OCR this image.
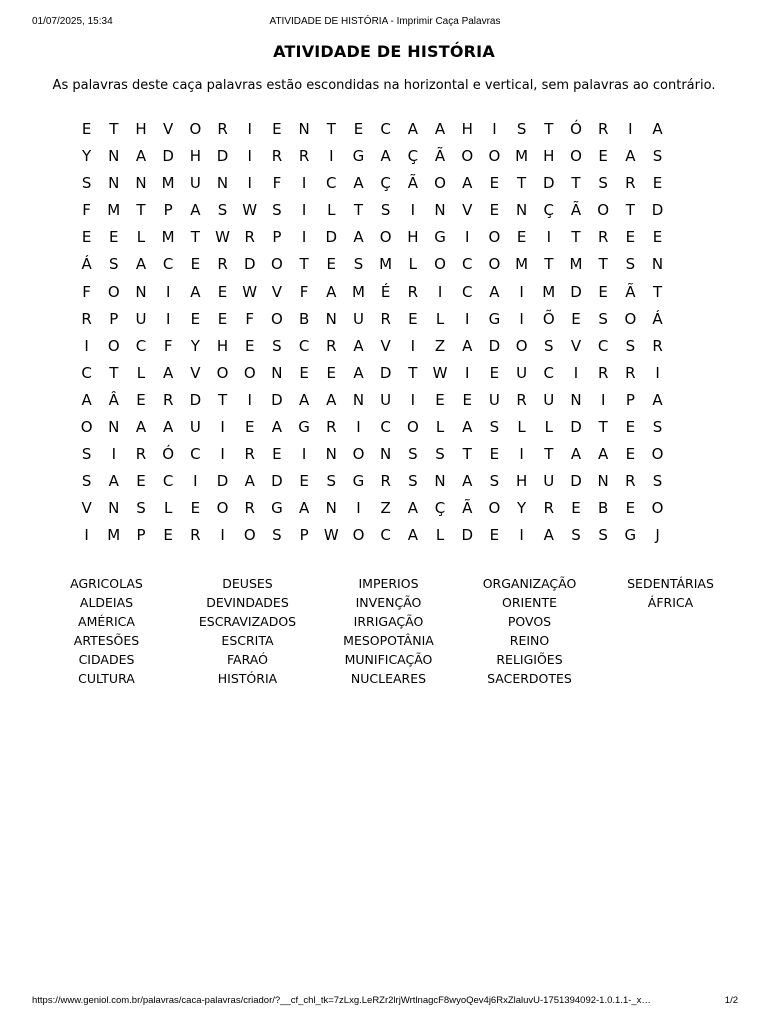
01/07/2025, 15:34	ATIVIDADE DE HISTÓRIA - Imprimir Caça Palavras
ATIVIDADE DE HISTÓRIA
As palavras deste caça palavras estão escondidas na horizontal e vertical, sem palavras ao contrário.
E	T	H	V	O	R	I	E	N	T	E	C	A	A	H	I	S	T	Ó	R	I	A
Y	N	A	D	H	D	I	R	R	I	G	A	Ç	Ã	O	O M	H	O	E	A	S
S	N	N	M	U	N	I	F	I	C	A	Ç	Ã	O	A	E	T	D	T	S	R	E
F	M	T	P	A	S	W	S	I	L	T	S	I	N	V	E	N	Ç	Ã	O	T	D
E	E	L	M	T	W R	P	I	D	A	O	H	G	I	O	E	I	T	R	E	E
Á	S	A	C	E	R	D	O	T	E	S	M	L	O	C	O M	T	M	T	S	N
F	O	N	I	A	E	W V	F	A	M	É	R	I	C	A	I	M D	E	Ã	T
R	P	U	I	E	E	F	O	B	N	U	R	E	L	I	G	I	Õ	E	S	O	Á
I	O	C	F	Y	H	E	S	C	R	A	V	I	Z	A	D	O	S	V	C	S	R
C	T	L	A	V	O	O	N	E	E	A	D	T	W	I	E	U	C	I	R	R	I
A	Â	E	R	D	T	I	D	A	A	N	U	I	E	E	U	R	U	N	I	P	A
O	N	A	A	U	I	E	A	G	R	I	C	O	L	A	S	L	L	D	T	E	S
S	I	R	Ó	C	I	R	E	I	N	O	N	S	S	T	E	I	T	A	A	E	O
S	A	E	C	I	D	A	D	E	S	G	R	S	N	A	S	H	U	D	N	R	S
V	N	S	L	E	O	R	G	A	N	I	Z	A	Ç	Ã	O	Y	R	E	B	E	O
I	M	P	E	R	I	O	S	P	W O	C	A	L	D	E	I	A	S	S	G	J
AGRICOLAS
ALDEIAS
AMÉRICA
ARTESÕES
CIDADES
CULTURA
DEUSES
DEVINDADES
ESCRAVIZADOS
ESCRITA
FARAÓ
HISTÓRIA
IMPERIOS
INVENÇÃO
IRRIGAÇÃO
MESOPOTÂNIA
MUNIFICAÇÃO
NUCLEARES
ORGANIZAÇÃO
ORIENTE
POVOS
REINO
RELIGIÕES
SACERDOTES
SEDENTÁRIAS
ÁFRICA
https://www.geniol.com.br/palavras/caca-palavras/criador/?__cf_chl_tk=7zLxg.LeRZr2lrjWrtlnagcF8wyoQev4j6RxZlaluvU-1751394092-1.0.1.1-_x…	1/2
